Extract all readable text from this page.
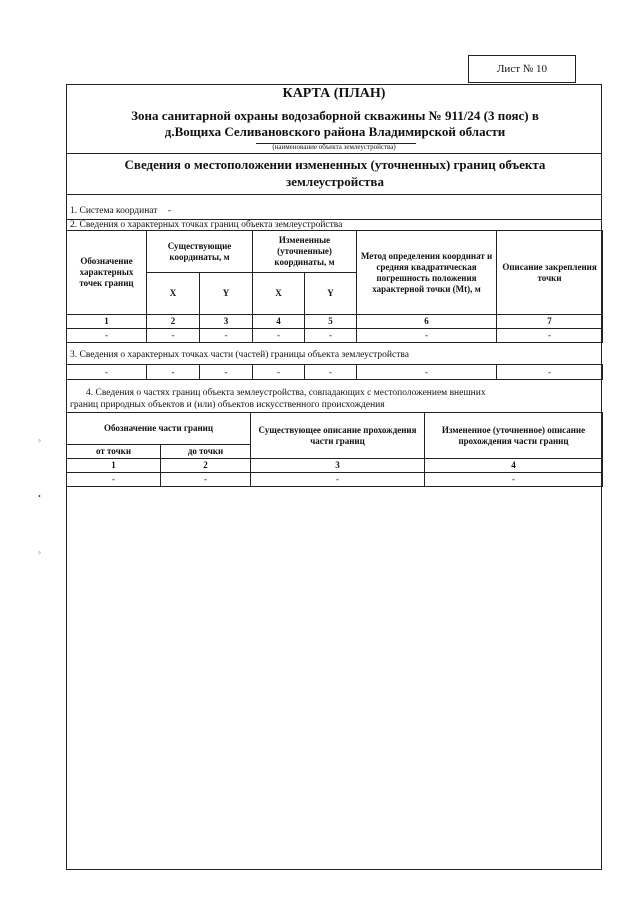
Лист № 10
КАРТА (ПЛАН)
Зона санитарной охраны водозаборной скважины № 911/24 (3 пояс) в
д.Вощиха Селивановского района Владимирской области
(наименование объекта землеустройства)
Сведения о местоположении измененных (уточненных) границ объекта
землеустройства
1. Система координат -
2. Сведения о характерных точках границ объекта землеустройства
Обозначение характерных точек границ	Существующие координаты, м		Измененные (уточненные) координаты, м		Метод определения координат и средняя квадратическая погрешность положения характерной точки (Mt), м	Описание закрепления точки
	X	Y	X	Y		
1	2	3	4	5	6	7
-	-	-	-	-	-	-
3. Сведения о характерных точках части (частей) границы объекта землеустройства
-	-	-	-	-	-	-
4. Сведения о частях границ объекта землеустройства, совпадающих с местоположением внешних
границ природных объектов и (или) объектов искусственного происхождения
Обозначение части границ		Существующее описание прохождения части границ	Измененное (уточненное) описание прохождения части границ
от точки	до точки		
1	2	3	4
-	-	-	-
◦
•
◦
